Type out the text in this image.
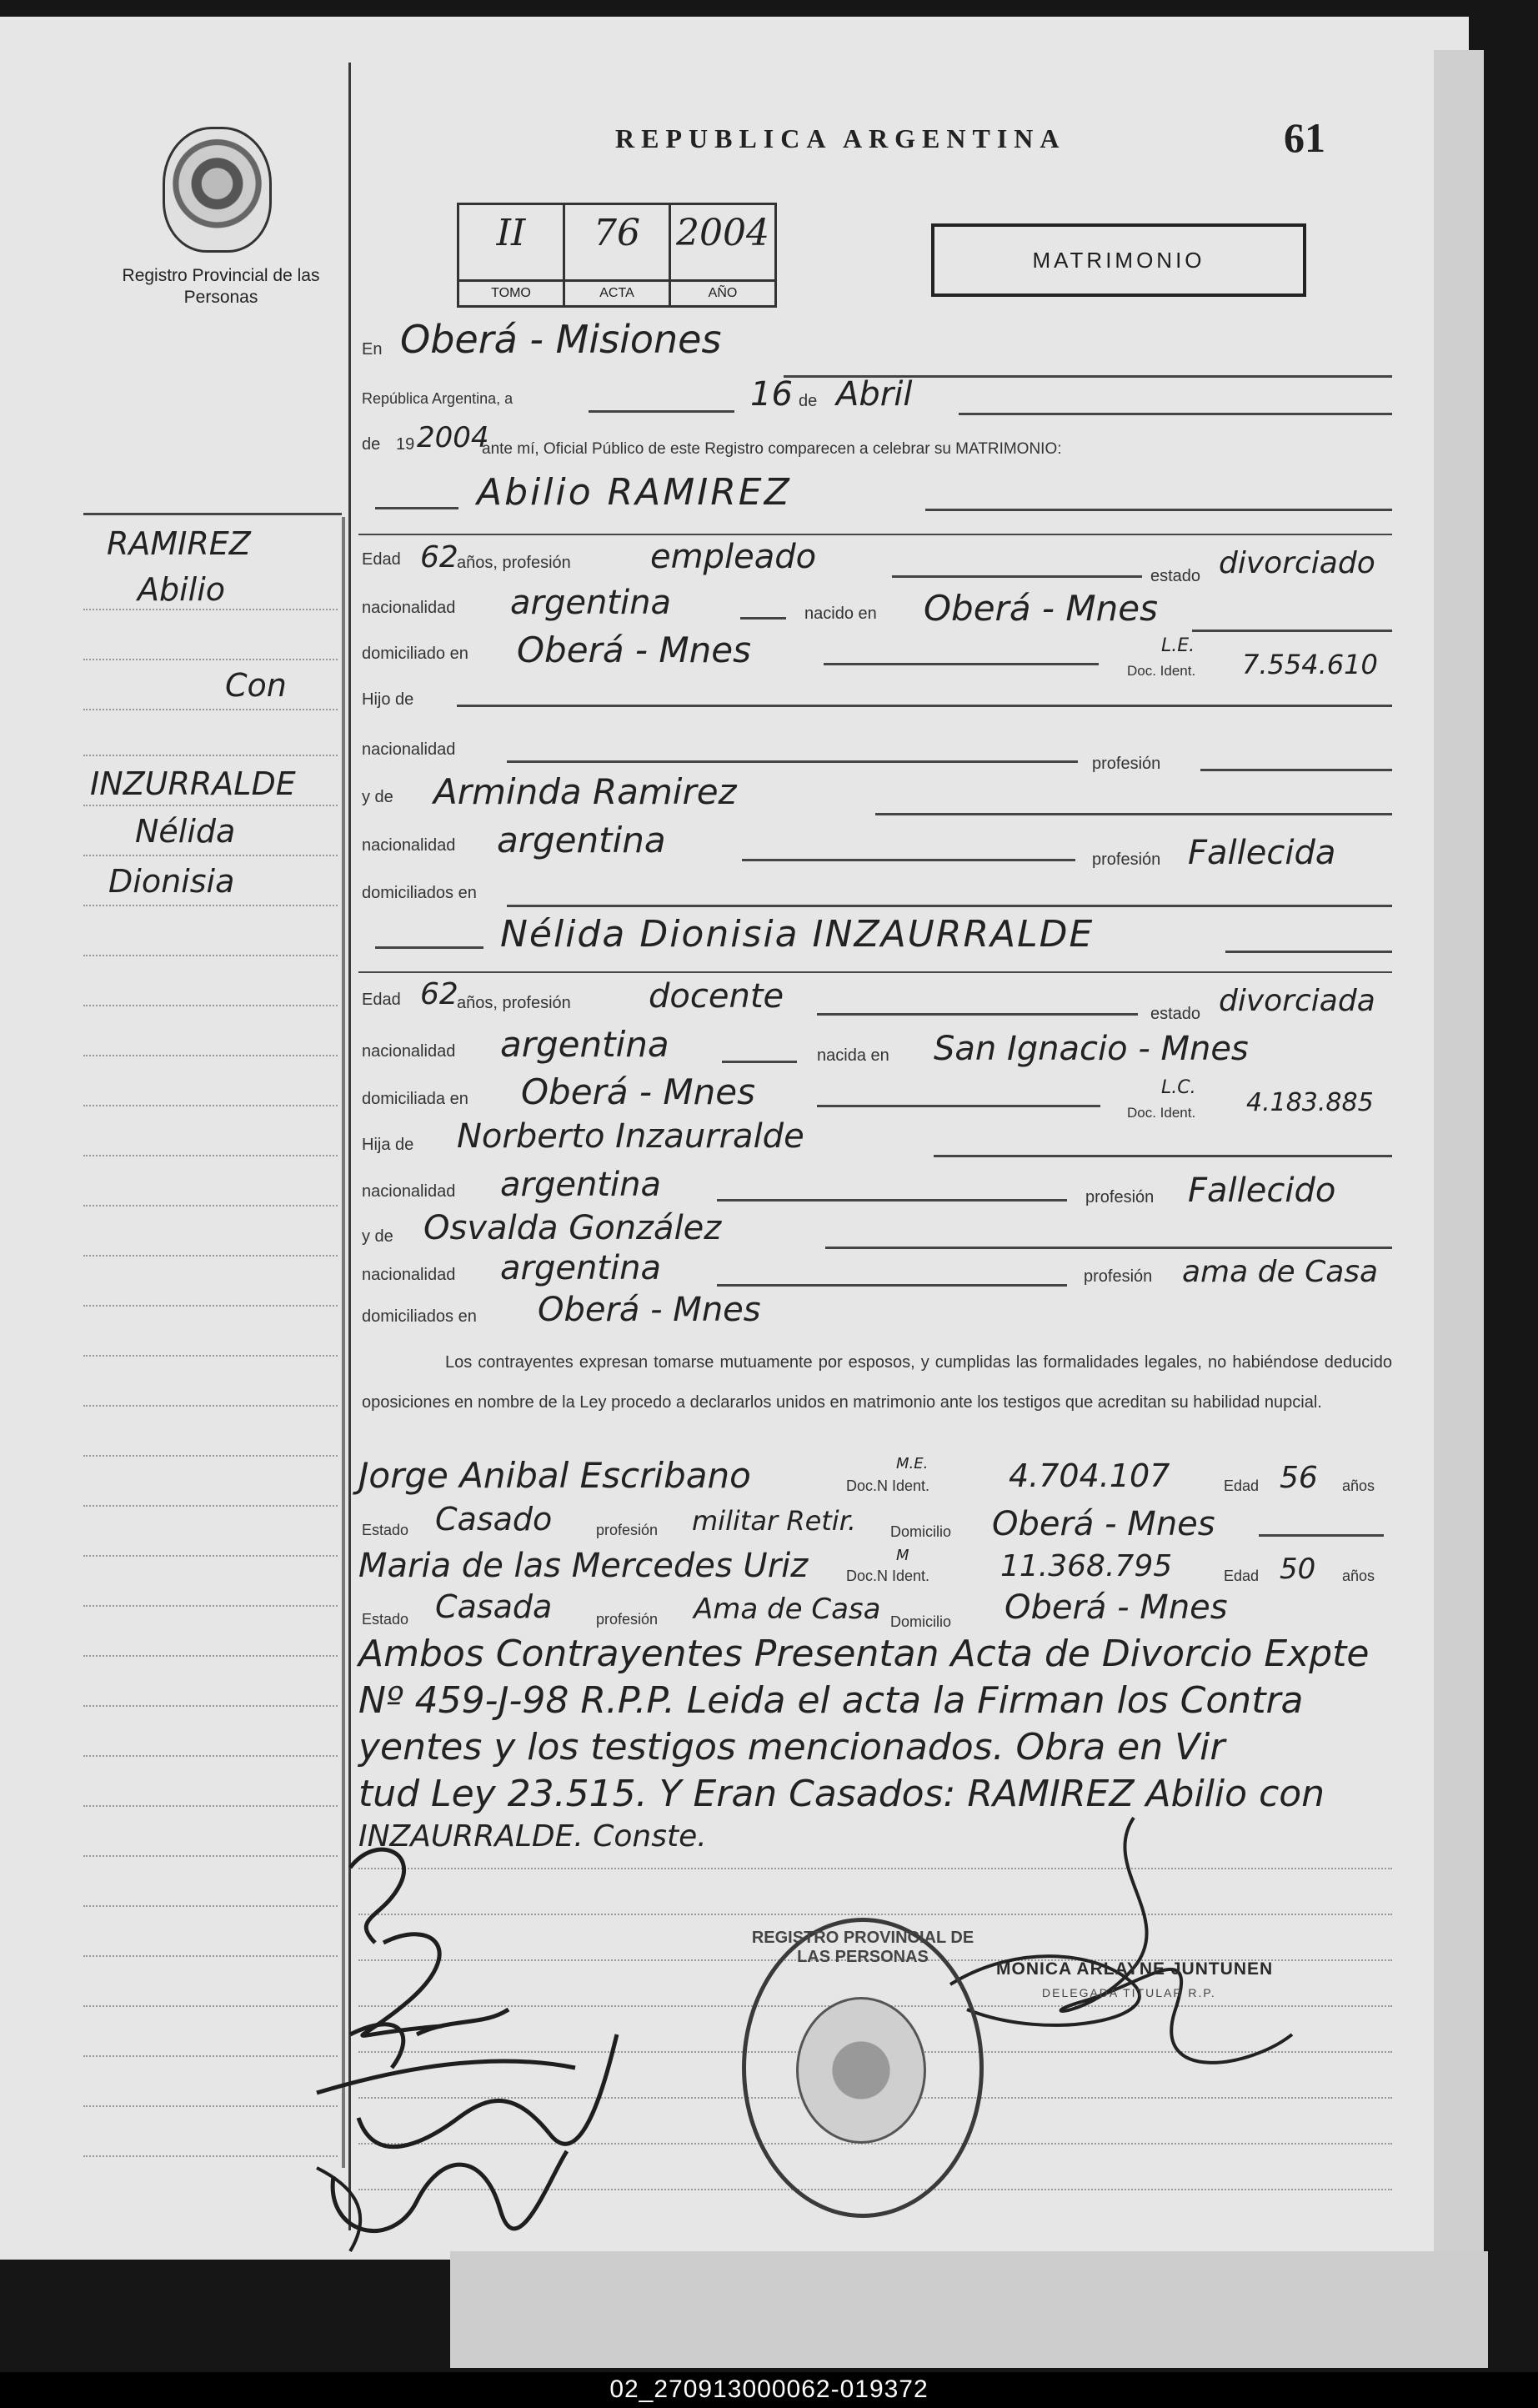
Registro Provincial de las Personas
REPUBLICA ARGENTINA	61
II
TOMO
76
ACTA
2004
AÑO
MATRIMONIO
RAMIREZ
Abilio
Con
INZURRALDE
Nélida
Dionisia
En Oberá - Misiones
República Argentina, a	16 de Abril
de 19 2004
ante mí, Oficial Público de este Registro comparecen a celebrar su MATRIMONIO:
Abilio RAMIREZ
Edad 62
años, profesión empleado	estado divorciado
nacionalidad argentina	nacido en Oberá - Mnes
domiciliado en Oberá - Mnes	L.E.
Doc. Ident. 7.554.610
Hijo de
nacionalidad
profesión
y de Arminda Ramirez
nacionalidad argentina	profesión Fallecida
domiciliados en
Nélida Dionisia INZAURRALDE
Edad 62
años, profesión docente	estado divorciada
nacionalidad argentina	nacida en San Ignacio - Mnes
domiciliada en Oberá - Mnes	L.C.
Doc. Ident. 4.183.885
Hija de Norberto Inzaurralde
nacionalidad argentina	profesión Fallecido
y de Osvalda González
nacionalidad argentina	profesión ama de Casa
domiciliados en Oberá - Mnes
Los contrayentes expresan tomarse mutuamente por esposos, y cumplidas las formalidades legales, no habiéndose deducido oposiciones en nombre de la Ley procedo a declararlos unidos en matrimonio ante los testigos que acreditan su habilidad nupcial.
Jorge Anibal Escribano	Doc.N Ident.
M.E.	4.704.107	Edad 56 años
Estado Casado	profesión militar Retir. Domicilio Oberá - Mnes
Maria de las Mercedes Uriz	Doc.N Ident.
M	11.368.795	Edad 50 años
Estado Casada	profesión Ama de Casa Domicilio Oberá - Mnes
Ambos Contrayentes Presentan Acta de Divorcio Expte
Nº 459-J-98 R.P.P. Leida el acta la Firman los Contra
yentes y los testigos mencionados. Obra en Vir
tud Ley 23.515. Y Eran Casados: RAMIREZ Abilio con
INZAURRALDE. Conste.
REGISTRO PROVINCIAL DE LAS PERSONAS
MONICA ARLAYNE JUNTUNEN
DELEGADA TITULAR R.P.
02_270913000062-019372
